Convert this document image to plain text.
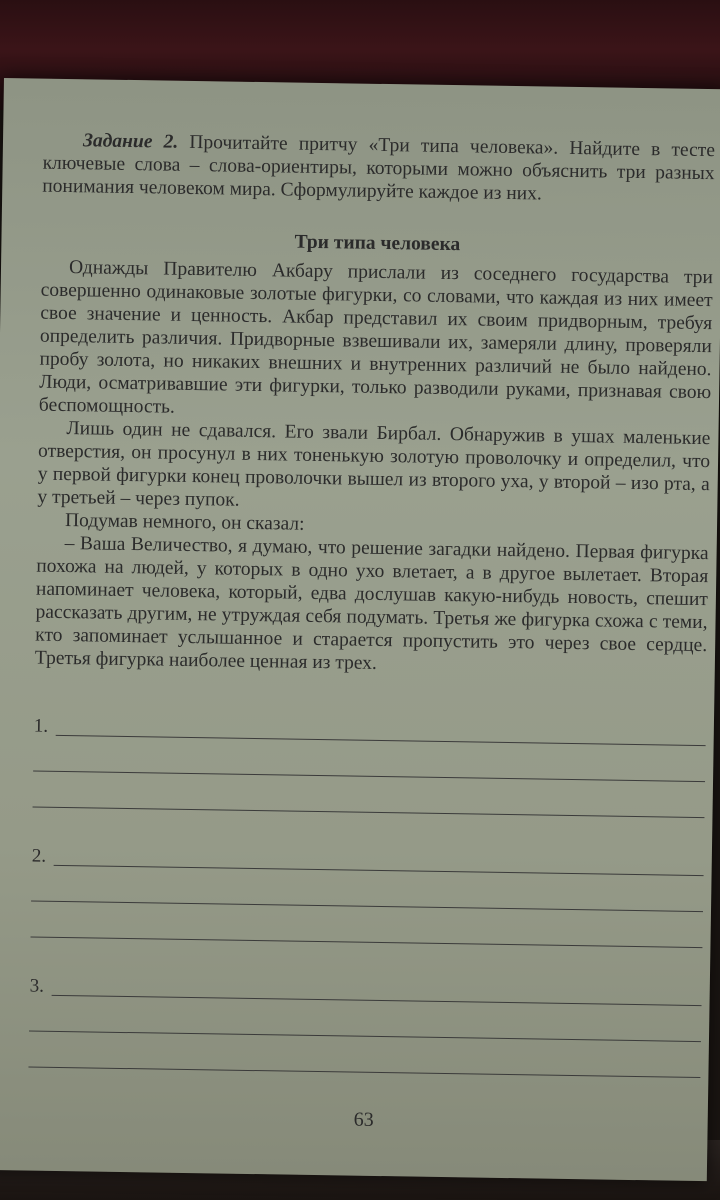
Задание 2. Прочитайте притчу «Три типа человека». Найдите в тесте ключевые слова – слова-ориентиры, которыми можно объяснить три разных понимания человеком мира. Сформулируйте каждое из них.

Три типа человека

Однажды Правителю Акбару прислали из соседнего государства три совершенно одинаковые золотые фигурки, со словами, что каждая из них имеет свое значение и ценность. Акбар представил их своим придворным, требуя определить различия. Придворные взвешивали их, замеряли длину, проверяли пробу золота, но никаких внешних и внутренних различий не было найдено. Люди, осматривавшие эти фигурки, только разводили руками, признавая свою беспомощность.

Лишь один не сдавался. Его звали Бирбал. Обнаружив в ушах маленькие отверстия, он просунул в них тоненькую золотую проволочку и определил, что у первой фигурки конец проволочки вышел из второго уха, у второй – изо рта, а у третьей – через пупок.

Подумав немного, он сказал:

– Ваша Величество, я думаю, что решение загадки найдено. Первая фигурка похожа на людей, у которых в одно ухо влетает, а в другое вылетает. Вторая напоминает человека, который, едва дослушав какую-нибудь новость, спешит рассказать другим, не утруждая себя подумать. Третья же фигурка схожа с теми, кто запоминает услышанное и старается пропустить это через свое сердце. Третья фигурка наиболее ценная из трех.

1.
2.
3.
63
